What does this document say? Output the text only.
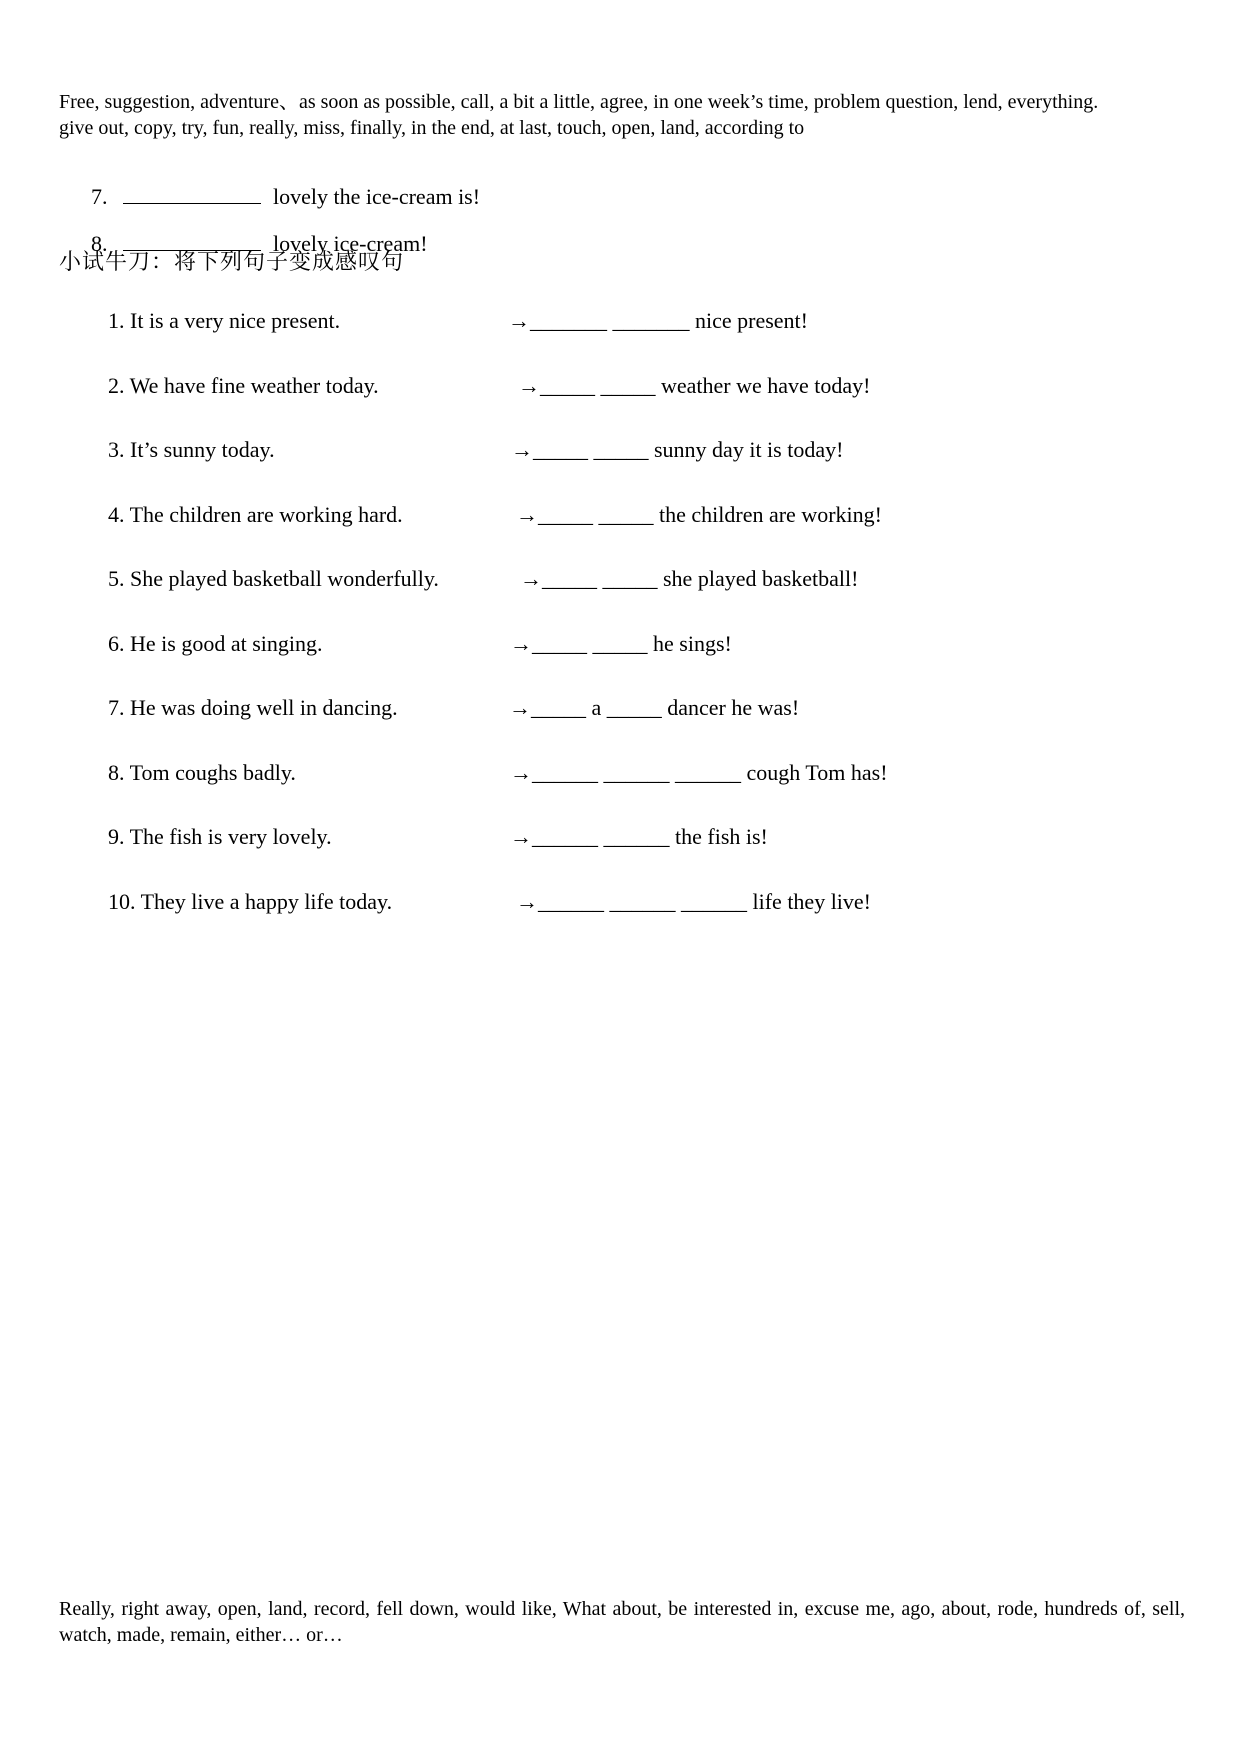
Free, suggestion, adventure、as soon as possible, call, a bit a little, agree, in one week’s time, problem question, lend, everything.
give out, copy, try, fun, really, miss, finally, in the end, at last, touch, open, land, according to

7.	lovely the ice-cream is!

8.	lovely ice-cream!

小试牛刀：将下列句子变成感叹句
1. It is a very nice present.	→_______ _______ nice present!
2. We have fine weather today.	→_____ _____ weather we have today!
3. It’s sunny today.	→_____ _____ sunny day it is today!
4. The children are working hard.	→_____ _____ the children are working!
5. She played basketball wonderfully.	→_____ _____ she played basketball!
6. He is good at singing.	→_____ _____ he sings!
7. He was doing well in dancing.	→_____ a _____ dancer he was!
8. Tom coughs badly.	→______ ______ ______ cough Tom has!
9. The fish is very lovely.	→______ ______ the fish is!
10. They live a happy life today.	→______ ______ ______ life they live!
Really, right away, open, land, record, fell down, would like, What about, be interested in, excuse me, ago, about, rode, hundreds of, sell, watch, made, remain, either… or…
